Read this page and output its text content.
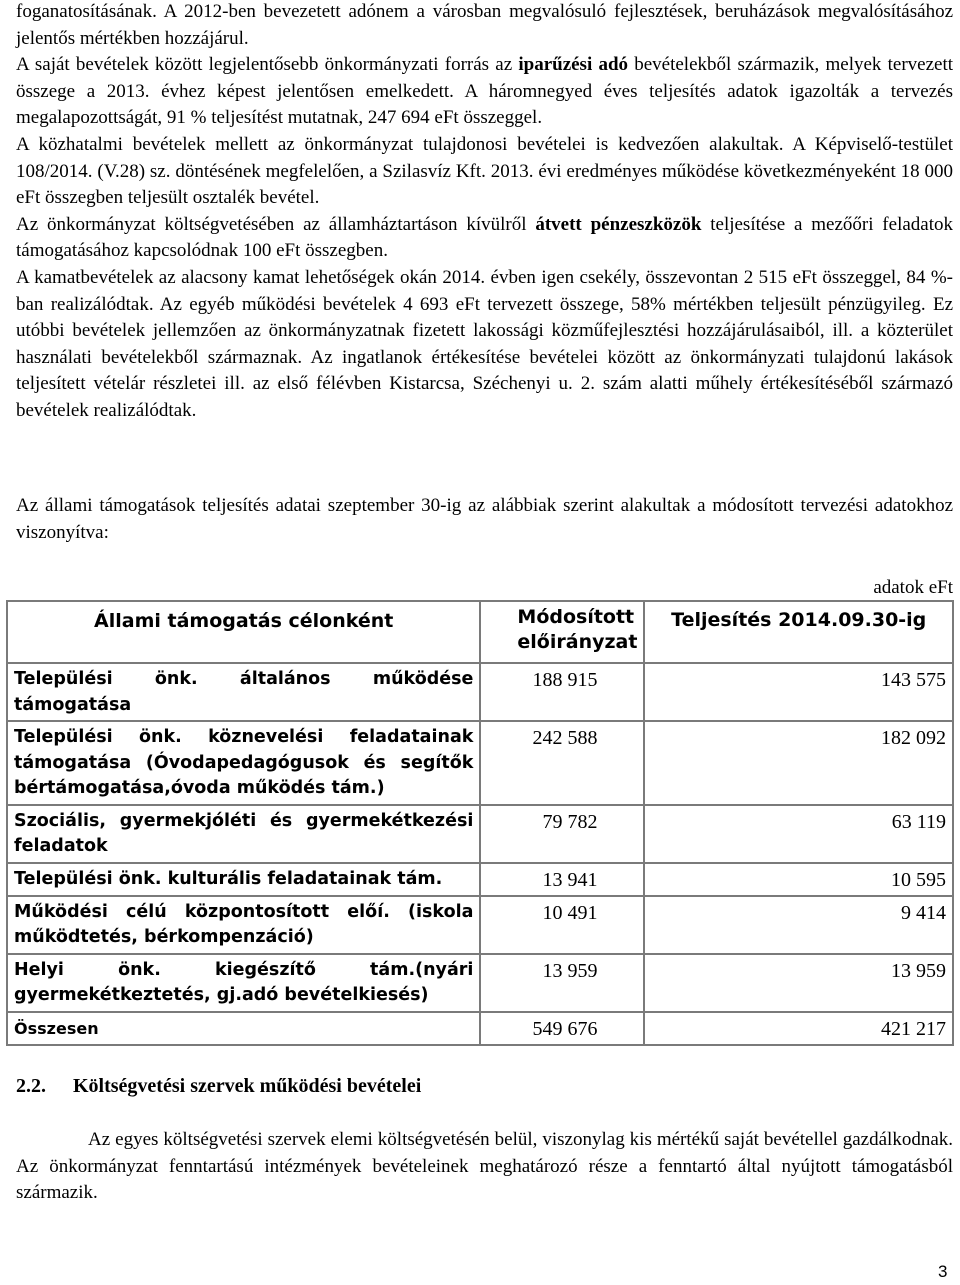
foganatosításának. A 2012-ben bevezetett adónem a városban megvalósuló fejlesztések, beruházások megvalósításához jelentős mértékben hozzájárul.

A saját bevételek között legjelentősebb önkormányzati forrás az iparűzési adó bevételekből származik, melyek tervezett összege a 2013. évhez képest jelentősen emelkedett. A háromnegyed éves teljesítés adatok igazolták a tervezés megalapozottságát, 91 % teljesítést mutatnak, 247 694 eFt összeggel.

A közhatalmi bevételek mellett az önkormányzat tulajdonosi bevételei is kedvezően alakultak. A Képviselő-testület 108/2014. (V.28) sz. döntésének megfelelően, a Szilasvíz Kft. 2013. évi eredményes működése következményeként 18 000 eFt összegben teljesült osztalék bevétel.

Az önkormányzat költségvetésében az államháztartáson kívülről átvett pénzeszközök teljesítése a mezőőri feladatok támogatásához kapcsolódnak 100 eFt összegben.

A kamatbevételek az alacsony kamat lehetőségek okán 2014. évben igen csekély, összevontan 2 515 eFt összeggel, 84 %-ban realizálódtak. Az egyéb működési bevételek 4 693 eFt tervezett összege, 58% mértékben teljesült pénzügyileg. Ez utóbbi bevételek jellemzően az önkormányzatnak fizetett lakossági közműfejlesztési hozzájárulásaiból, ill. a közterület használati bevételekből származnak. Az ingatlanok értékesítése bevételei között az önkormányzati tulajdonú lakások teljesített vételár részletei ill. az első félévben Kistarcsa, Széchenyi u. 2. szám alatti műhely értékesítéséből származó bevételek realizálódtak.

Az állami támogatások teljesítés adatai szeptember 30-ig az alábbiak szerint alakultak a módosított tervezési adatokhoz viszonyítva:

adatok eFt
Állami támogatás célonként	Módosított előirányzat	Teljesítés 2014.09.30-ig
Települési önk. általános működése támogatása	188 915	143 575
Települési önk. köznevelési feladatainak támogatása (Óvodapedagógusok és segítők bértámogatása,óvoda működés tám.)	242 588	182 092
Szociális, gyermekjóléti és gyermekétkezési feladatok	79 782	63 119
Települési önk. kulturális feladatainak tám.	13 941	10 595
Működési célú központosított előí. (iskola működtetés, bérkompenzáció)	10 491	9 414
Helyi önk. kiegészítő tám.(nyári gyermekétkeztetés, gj.adó bevételkiesés)	13 959	13 959
Összesen	549 676	421 217
2.2. Költségvetési szervek működési bevételei

Az egyes költségvetési szervek elemi költségvetésén belül, viszonylag kis mértékű saját bevétellel gazdálkodnak. Az önkormányzat fenntartású intézmények bevételeinek meghatározó része a fenntartó által nyújtott támogatásból származik.

3
